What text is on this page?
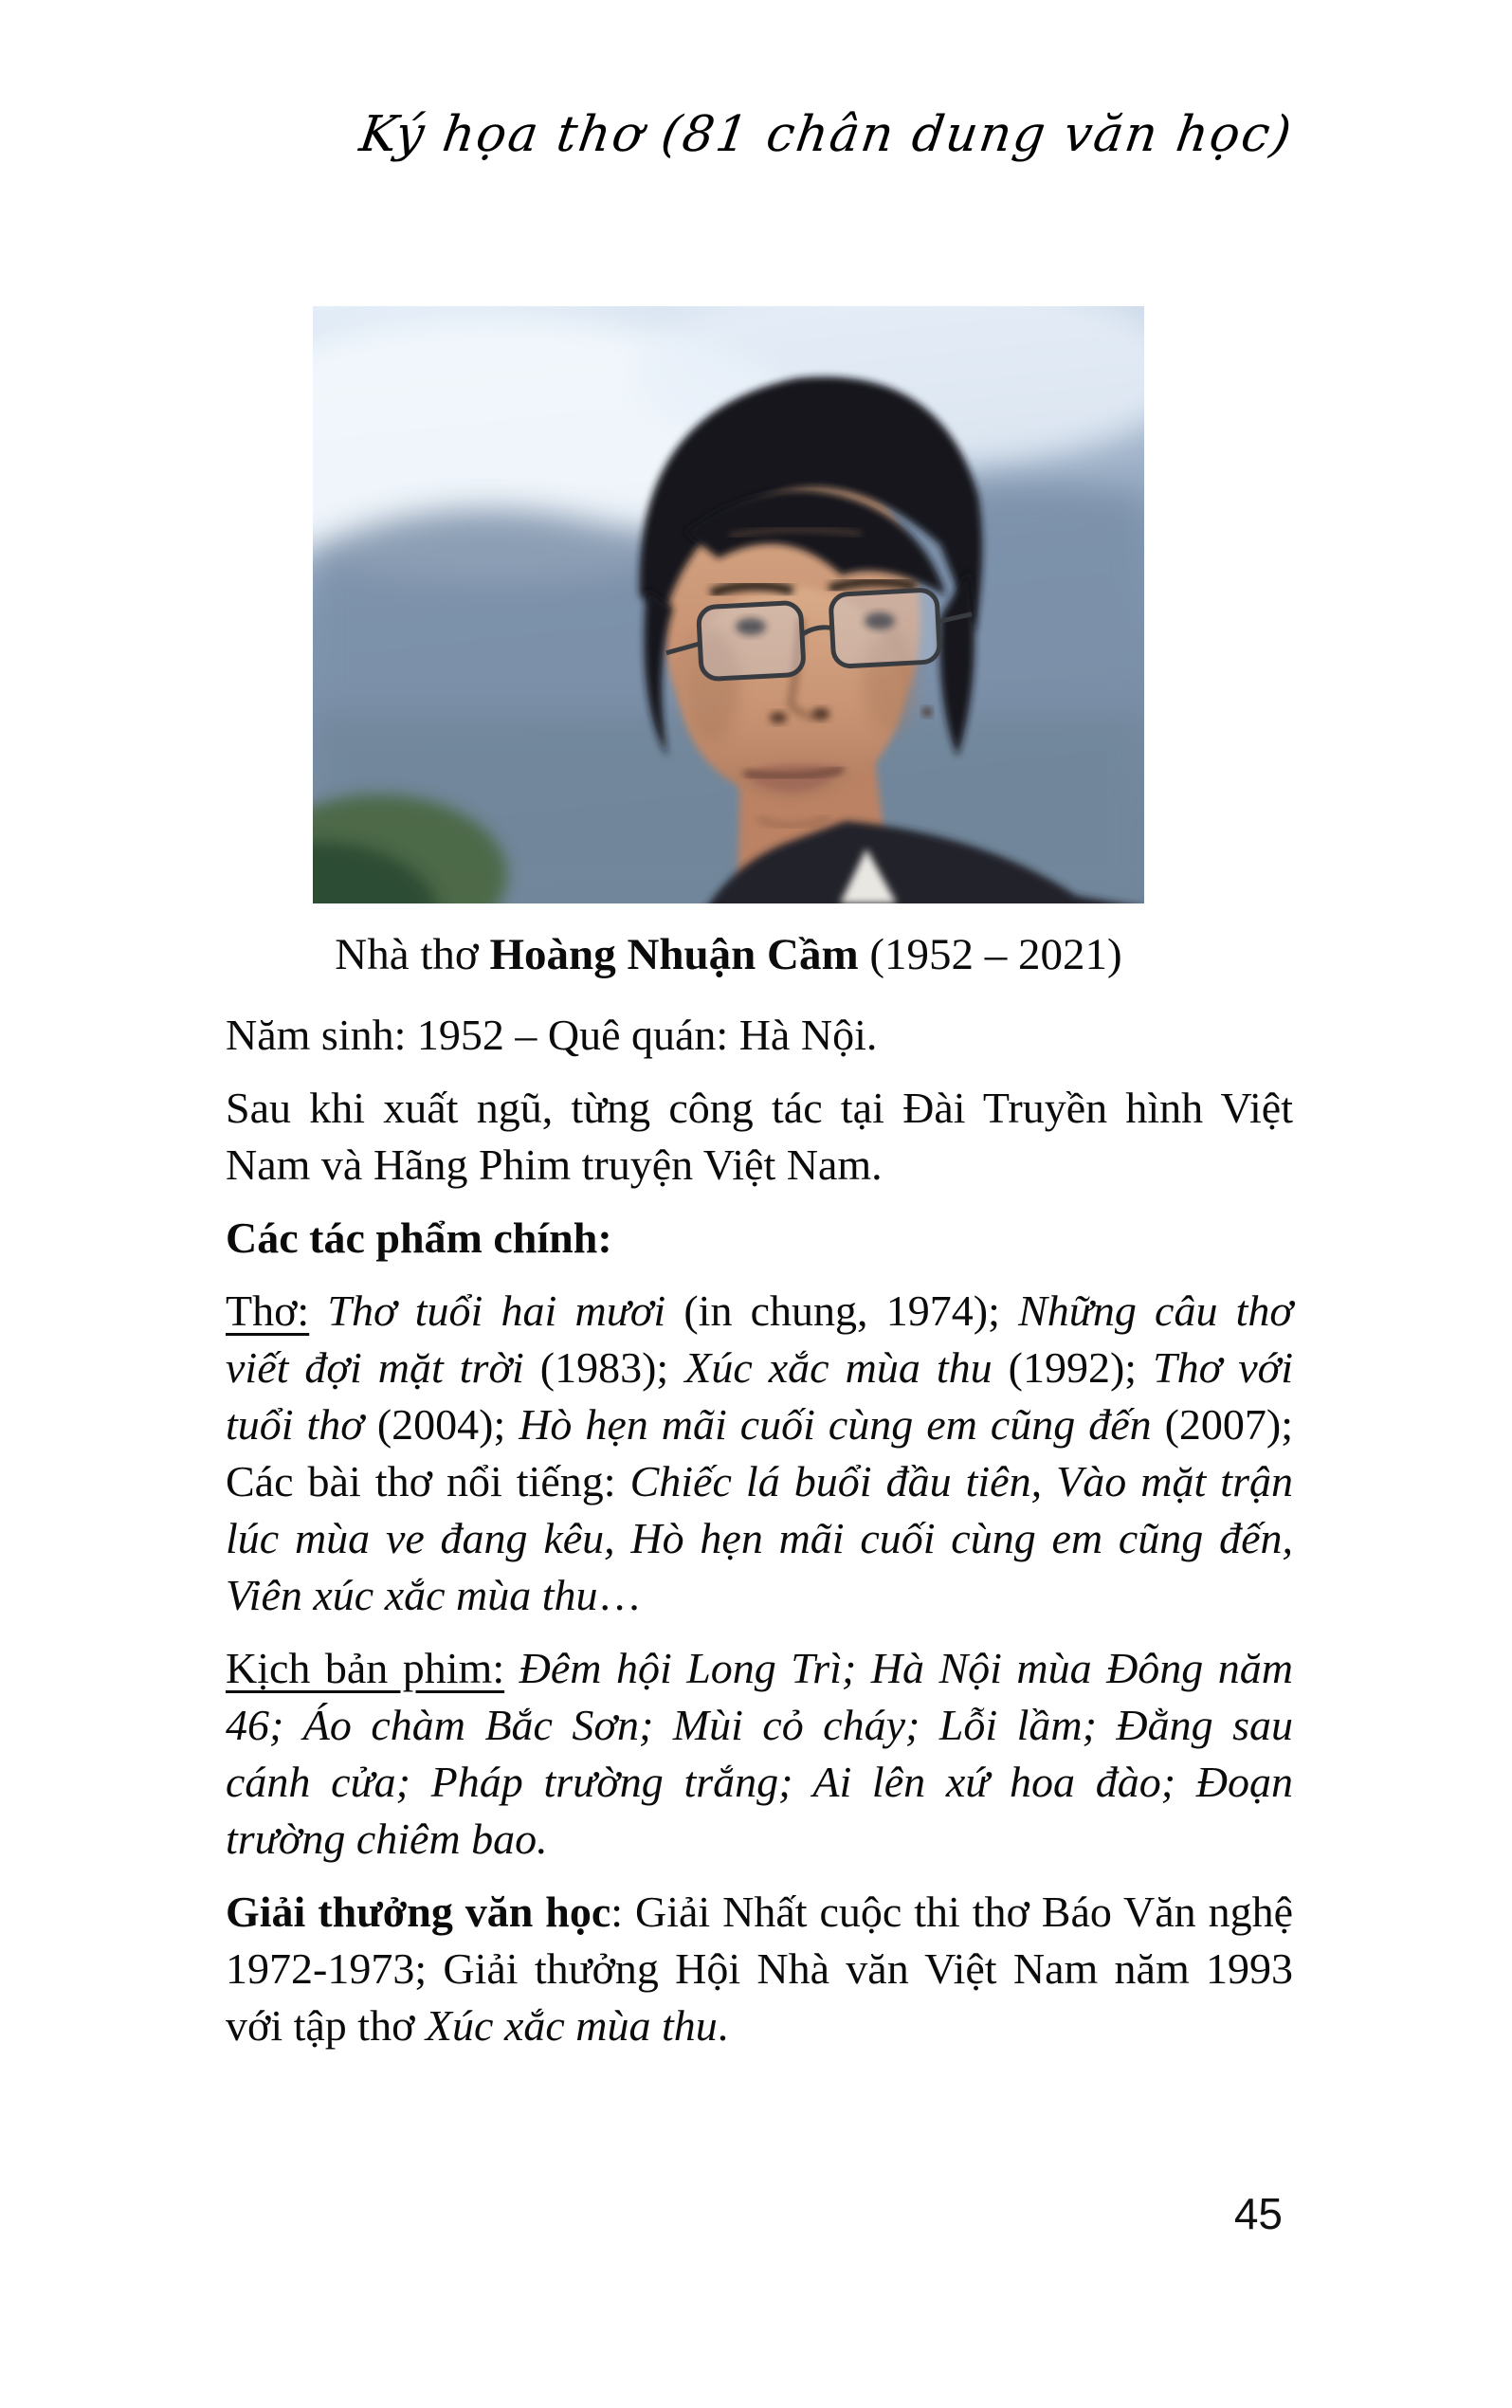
Ký họa thơ (81 chân dung văn học)
Nhà thơ Hoàng Nhuận Cầm (1952 – 2021)

Năm sinh: 1952 – Quê quán: Hà Nội.

Sau khi xuất ngũ, từng công tác tại Đài Truyền hình Việt Nam và Hãng Phim truyện Việt Nam.

Các tác phẩm chính:

Thơ: Thơ tuổi hai mươi (in chung, 1974); Những câu thơ viết đợi mặt trời (1983); Xúc xắc mùa thu (1992); Thơ với tuổi thơ (2004); Hò hẹn mãi cuối cùng em cũng đến (2007); Các bài thơ nổi tiếng: Chiếc lá buổi đầu tiên, Vào mặt trận lúc mùa ve đang kêu, Hò hẹn mãi cuối cùng em cũng đến, Viên xúc xắc mùa thu…

Kịch bản phim: Đêm hội Long Trì; Hà Nội mùa Đông năm 46; Áo chàm Bắc Sơn; Mùi cỏ cháy; Lỗi lầm; Đằng sau cánh cửa; Pháp trường trắng; Ai lên xứ hoa đào; Đoạn trường chiêm bao.

Giải thưởng văn học: Giải Nhất cuộc thi thơ Báo Văn nghệ 1972-1973; Giải thưởng Hội Nhà văn Việt Nam năm 1993 với tập thơ Xúc xắc mùa thu.

45
